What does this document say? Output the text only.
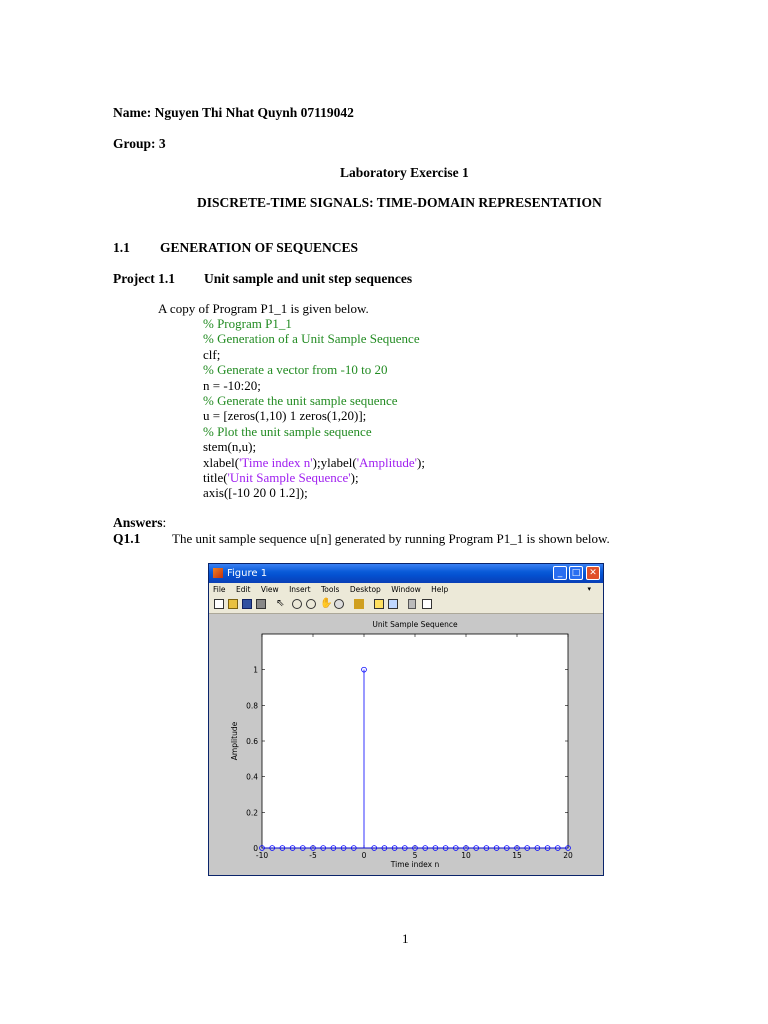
Name: Nguyen Thi Nhat Quynh 07119042
Group: 3
Laboratory Exercise 1
DISCRETE-TIME SIGNALS: TIME-DOMAIN REPRESENTATION
1.1 GENERATION OF SEQUENCES
Project 1.1 Unit sample and unit step sequences
A copy of Program P1_1 is given below.
% Program P1_1
% Generation of a Unit Sample Sequence
clf;
% Generate a vector from -10 to 20
n = -10:20;
% Generate the unit sample sequence
u = [zeros(1,10) 1 zeros(1,20)];
% Plot the unit sample sequence
stem(n,u);
xlabel('Time index n');ylabel('Amplitude');
title('Unit Sample Sequence');
axis([-10 20 0 1.2]);
Answers:
Q1.1 The unit sample sequence u[n] generated by running Program P1_1 is shown below.
Figure 1	_	□ ✕
File Edit View Insert Tools Desktop Window Help	▾
⇖	✋
Unit Sample Sequence
Time index n
Amplitude
-10	-5	0	5	10	15	20
0
0.2
0.4
0.6
0.8
1
1
